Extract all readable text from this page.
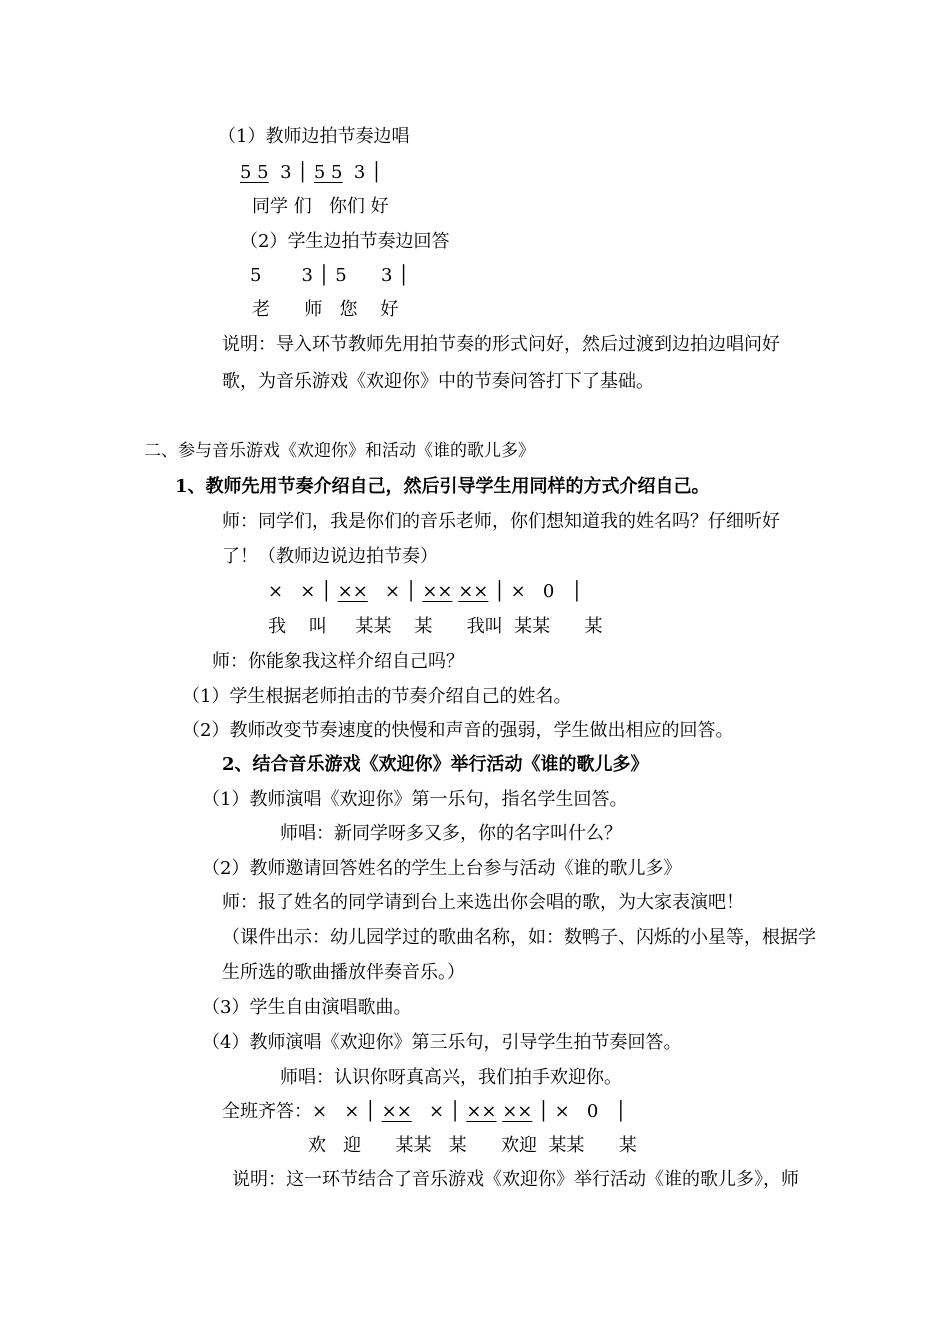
（1）教师边拍节奏边唱
5 5  3 │ 5 5  3 │
同学 们   你们 好
（2）学生边拍节奏边回答
5       3 │ 5      3 │
老      师   您    好
说明：导入环节教师先用拍节奏的形式问好，然后过渡到边拍边唱问好
歌，为音乐游戏《欢迎你》中的节奏问答打下了基础。
二、参与音乐游戏《欢迎你》和活动《谁的歌儿多》
1、教师先用节奏介绍自己，然后引导学生用同样的方式介绍自己。
师：同学们，我是你们的音乐老师，你们想知道我的姓名吗？仔细听好
了！（教师边说边拍节奏）
×   × │ ××   × │ ×× ×× │ ×   0   │
我    叫     某某    某      我叫  某某      某
师：你能象我这样介绍自己吗？
（1）学生根据老师拍击的节奏介绍自己的姓名。
（2）教师改变节奏速度的快慢和声音的强弱，学生做出相应的回答。
2、结合音乐游戏《欢迎你》举行活动《谁的歌儿多》
（1）教师演唱《欢迎你》第一乐句，指名学生回答。
师唱：新同学呀多又多，你的名字叫什么？
（2）教师邀请回答姓名的学生上台参与活动《谁的歌儿多》
师：报了姓名的同学请到台上来选出你会唱的歌，为大家表演吧！
（课件出示：幼儿园学过的歌曲名称，如：数鸭子、闪烁的小星等，根据学
生所选的歌曲播放伴奏音乐。）
（3）学生自由演唱歌曲。
（4）教师演唱《欢迎你》第三乐句，引导学生拍节奏回答。
师唱：认识你呀真高兴，我们拍手欢迎你。
全班齐答：×   × │ ××   × │ ×× ×× │ ×   0   │
欢   迎      某某   某      欢迎  某某      某
说明：这一环节结合了音乐游戏《欢迎你》举行活动《谁的歌儿多》，师
